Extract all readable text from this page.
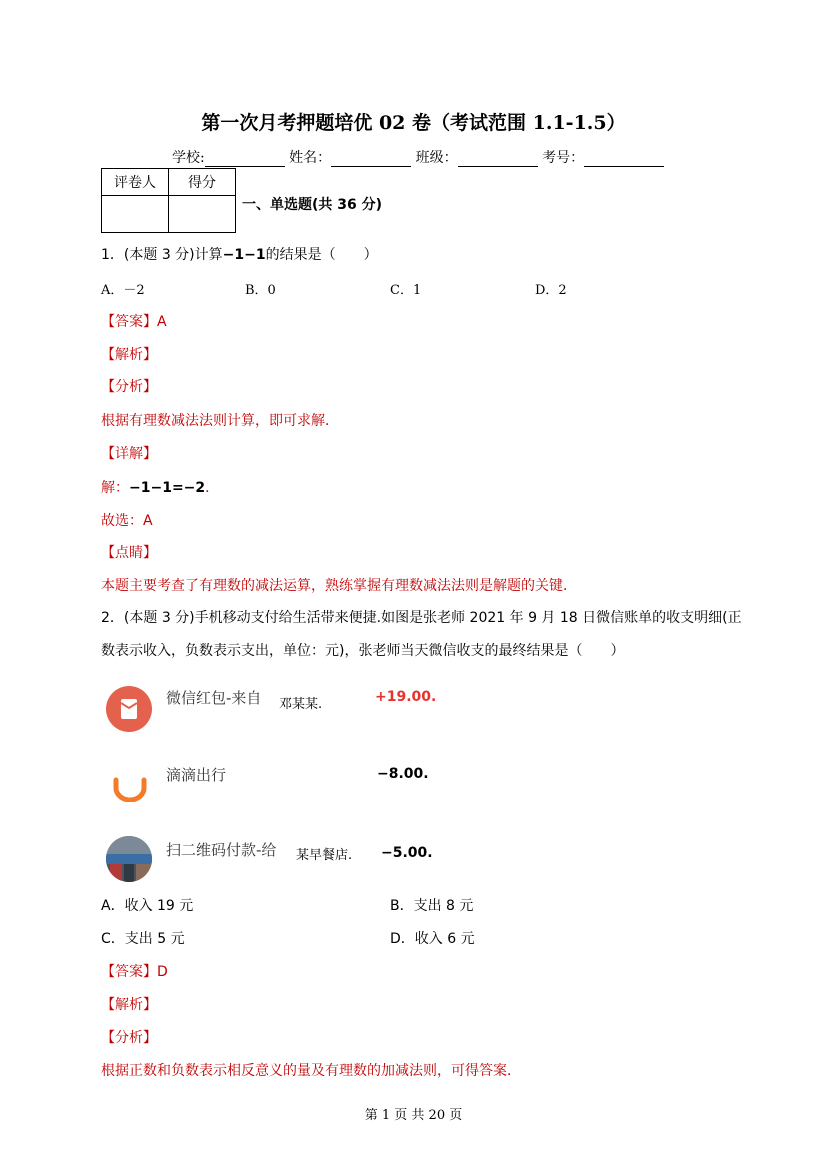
第一次月考押题培优 02 卷（考试范围 1.1-1.5）
学校:	姓名：	班级：	考号：
评卷人	得分

一、单选题(共 36 分)
1．(本题 3 分)计算−1−1的结果是（　　）
A．－2	B．0	C．1	D．2
【答案】A
【解析】
【分析】
根据有理数减法法则计算，即可求解．
【详解】
解：−1−1=−2．
故选：A
【点睛】
本题主要考查了有理数的减法运算，熟练掌握有理数减法法则是解题的关键．
2．(本题 3 分)手机移动支付给生活带来便捷.如图是张老师 2021 年 9 月 18 日微信账单的收支明细(正
数表示收入，负数表示支出，单位：元)，张老师当天微信收支的最终结果是（　　）
微信红包-来自 邓某某.	+19.00.
滴滴出行	−8.00.
扫二维码付款-给 某早餐店. −5.00.
A．收入 19 元	B．支出 8 元
C．支出 5 元	D．收入 6 元
【答案】D
【解析】
【分析】
根据正数和负数表示相反意义的量及有理数的加减法则，可得答案．
第 1 页 共 20 页
